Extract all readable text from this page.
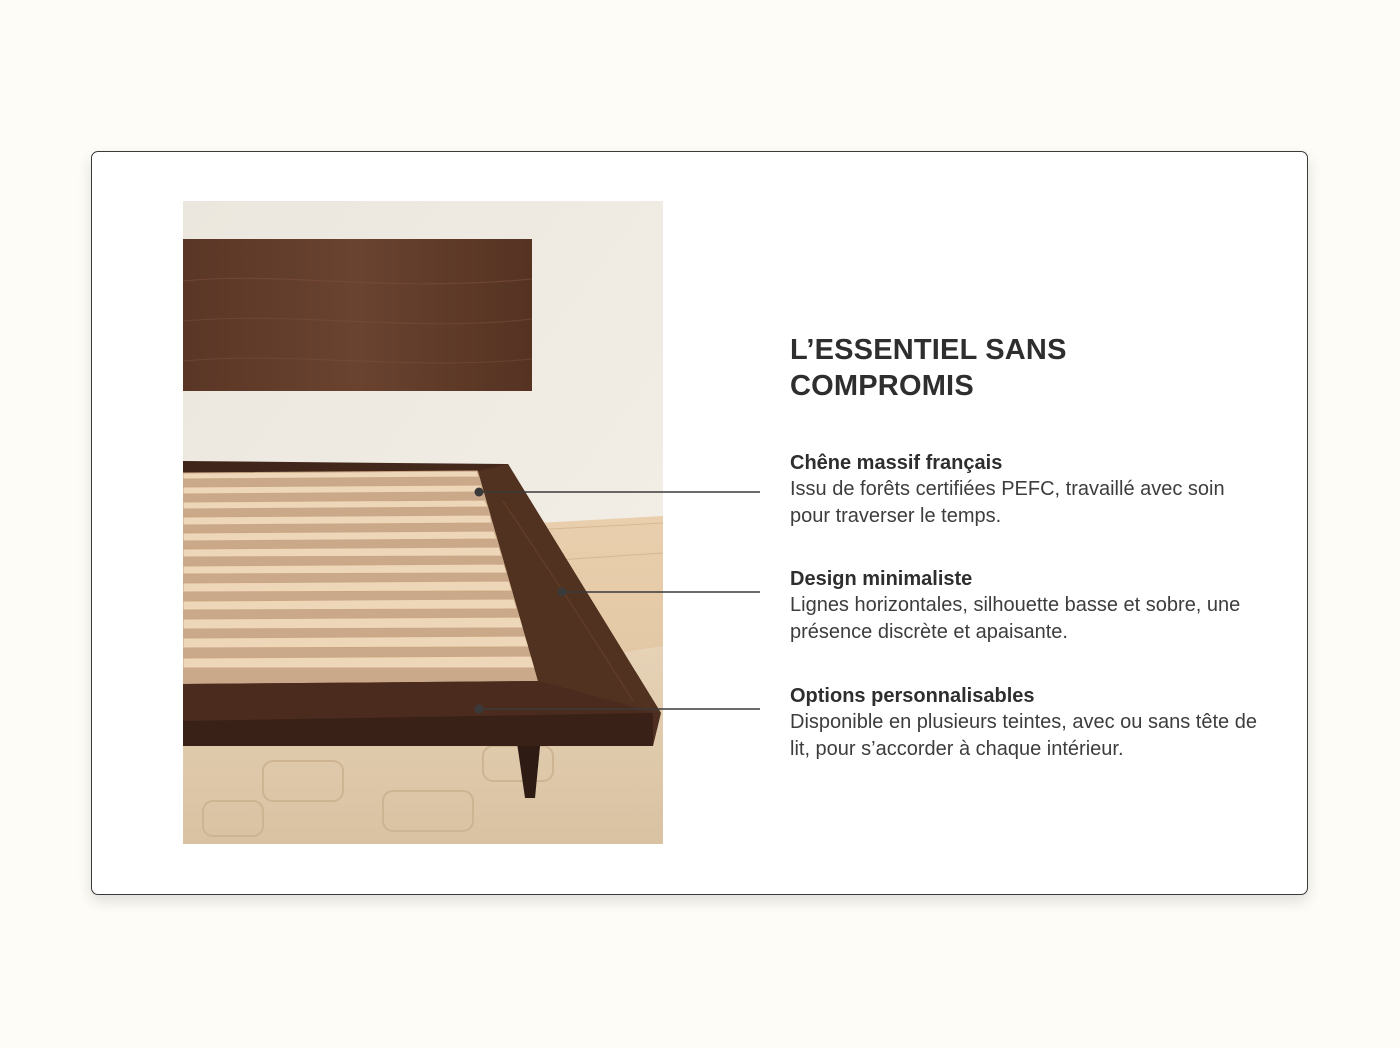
L’ESSENTIEL SANS COMPROMIS
Chêne massif français
Issu de forêts certifiées PEFC, travaillé avec soin pour traverser le temps.
Design minimaliste
Lignes horizontales, silhouette basse et sobre, une présence discrète et apaisante.
Options personnalisables
Disponible en plusieurs teintes, avec ou sans tête de lit, pour s’accorder à chaque intérieur.
